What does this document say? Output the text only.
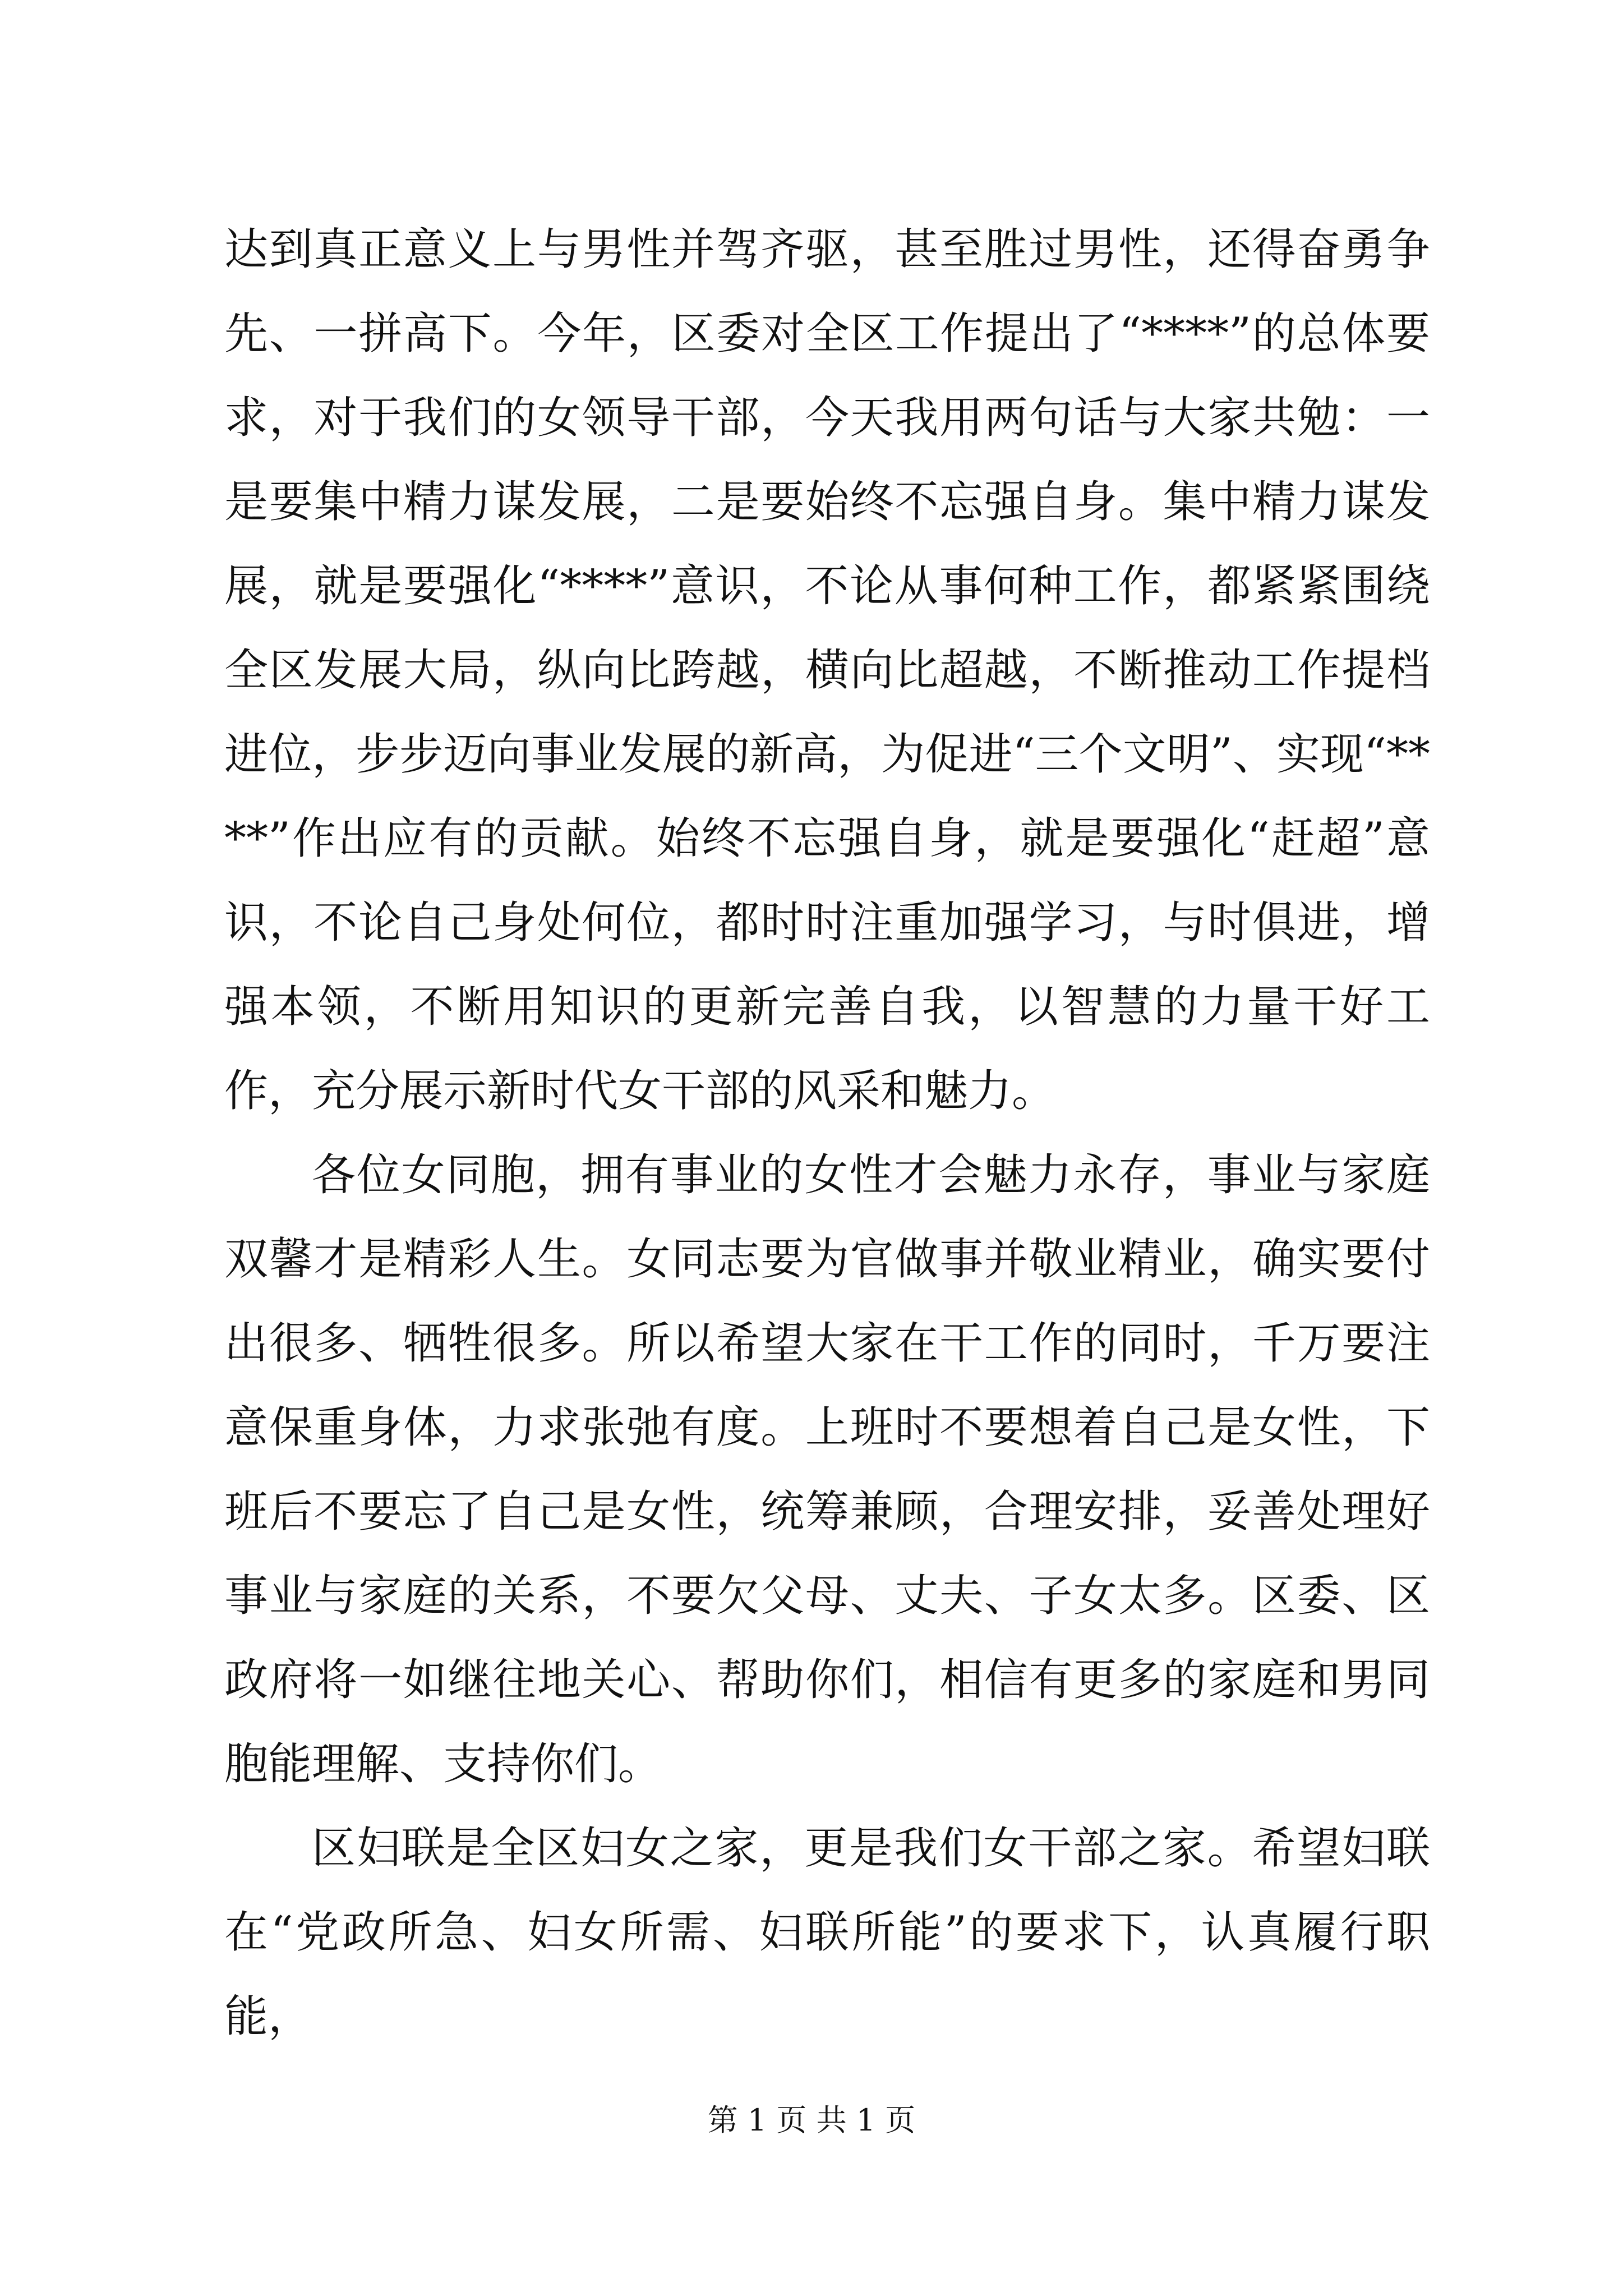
达到真正意义上与男性并驾齐驱，甚至胜过男性，还得奋勇争先、一拼高下。今年，区委对全区工作提出了“****”的总体要求，对于我们的女领导干部，今天我用两句话与大家共勉：一是要集中精力谋发展，二是要始终不忘强自身。集中精力谋发展，就是要强化“****”意识，不论从事何种工作，都紧紧围绕全区发展大局，纵向比跨越，横向比超越，不断推动工作提档进位，步步迈向事业发展的新高，为促进“三个文明”、实现“****”作出应有的贡献。始终不忘强自身，就是要强化“赶超”意识，不论自己身处何位，都时时注重加强学习，与时俱进，增强本领，不断用知识的更新完善自我，以智慧的力量干好工作，充分展示新时代女干部的风采和魅力。

各位女同胞，拥有事业的女性才会魅力永存，事业与家庭双馨才是精彩人生。女同志要为官做事并敬业精业，确实要付出很多、牺牲很多。所以希望大家在干工作的同时，千万要注意保重身体，力求张弛有度。上班时不要想着自己是女性，下班后不要忘了自己是女性，统筹兼顾，合理安排，妥善处理好事业与家庭的关系，不要欠父母、丈夫、子女太多。区委、区政府将一如继往地关心、帮助你们，相信有更多的家庭和男同胞能理解、支持你们。

区妇联是全区妇女之家，更是我们女干部之家。希望妇联在“党政所急、妇女所需、妇联所能”的要求下，认真履行职能，

第 1 页 共 1 页
